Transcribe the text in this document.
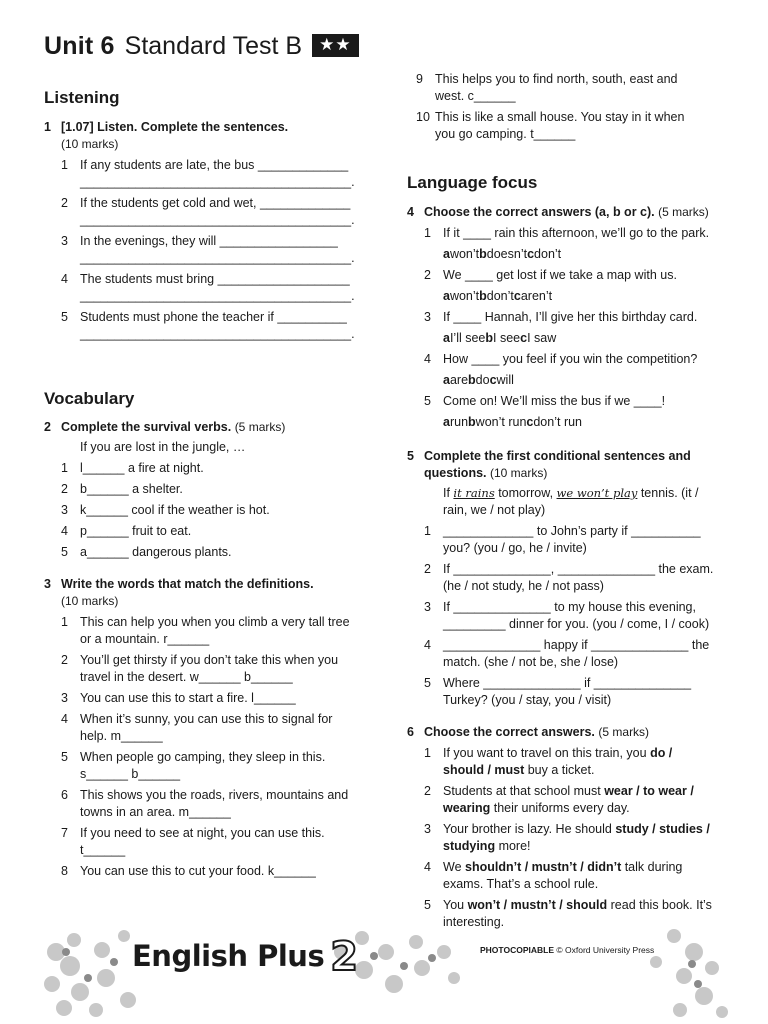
Unit 6 Standard Test B ★★
Listening
1 [1.07] Listen. Complete the sentences.
(10 marks)
1 If any students are late, the bus _____________
_______________________________________.
2 If the students get cold and wet, _____________
_______________________________________.
3 In the evenings, they will _________________
_______________________________________.
4 The students must bring ___________________
_______________________________________.
5 Students must phone the teacher if __________
_______________________________________.
Vocabulary
2 Complete the survival verbs. (5 marks)
If you are lost in the jungle, …
1 l______ a fire at night.
2 b______ a shelter.
3 k______ cool if the weather is hot.
4 p______ fruit to eat.
5 a______ dangerous plants.
3 Write the words that match the definitions.
(10 marks)
1 This can help you when you climb a very tall tree
or a mountain. r______
2 You’ll get thirsty if you don’t take this when you
travel in the desert. w______ b______
3 You can use this to start a fire. l______
4 When it’s sunny, you can use this to signal for
help. m______
5 When people go camping, they sleep in this.
s______ b______
6 This shows you the roads, rivers, mountains and
towns in an area. m______
7 If you need to see at night, you can use this.
t______
8 You can use this to cut your food. k______
9 This helps you to find north, south, east and
west. c______
10 This is like a small house. You stay in it when
you go camping. t______
Language focus
4 Choose the correct answers (a, b or c). (5 marks)
1 If it ____ rain this afternoon, we’ll go to the park.
awon’tbdoesn’tcdon’t
2 We ____ get lost if we take a map with us.
awon’tbdon’tcaren’t
3 If ____ Hannah, I’ll give her this birthday card.
aI’ll seebI seecI saw
4 How ____ you feel if you win the competition?
aarebdocwill
5 Come on! We’ll miss the bus if we ____!
arunbwon’t runcdon’t run
5 Complete the first conditional sentences and questions. (10 marks)
If it rains tomorrow, we won’t play tennis. (it /
rain, we / not play)
1 _____________ to John’s party if __________
you? (you / go, he / invite)
2 If ______________, ______________ the exam.
(he / not study, he / not pass)
3 If ______________ to my house this evening,
_________ dinner for you. (you / come, I / cook)
4 ______________ happy if ______________ the
match. (she / not be, she / lose)
5 Where ______________ if ______________
Turkey? (you / stay, you / visit)
6 Choose the correct answers. (5 marks)
1 If you want to travel on this train, you do /
should / must buy a ticket.
2 Students at that school must wear / to wear /
wearing their uniforms every day.
3 Your brother is lazy. He should study / studies /
studying more!
4 We shouldn’t / mustn’t / didn’t talk during
exams. That’s a school rule.
5 You won’t / mustn’t / should read this book. It’s
interesting.
English Plus 2	PHOTOCOPIABLE © Oxford University Press
